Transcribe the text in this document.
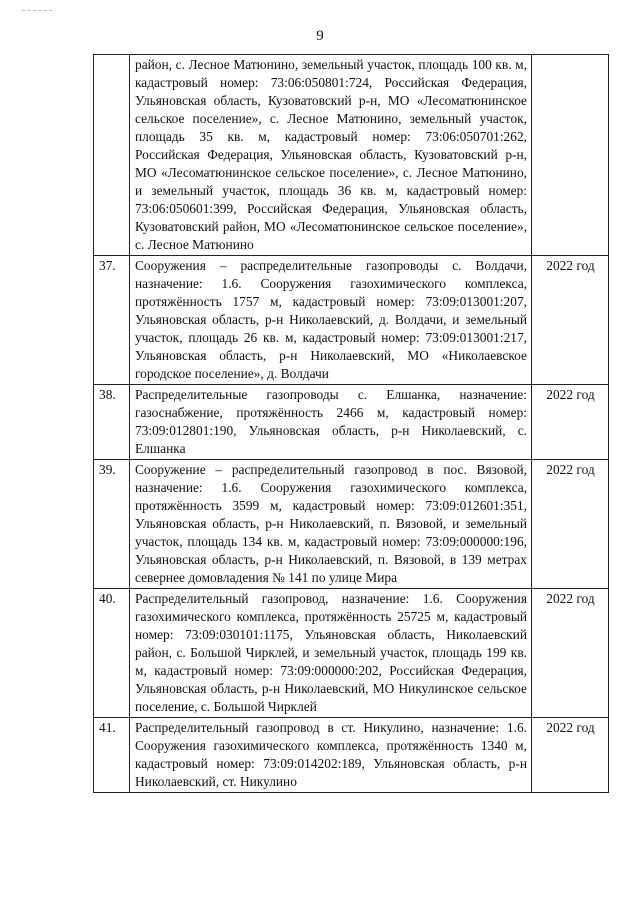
9
	район, с. Лесное Матюнино, земельный участок, площадь 100 кв. м, кадастровый номер: 73:06:050801:724, Российская Федерация, Ульяновская область, Кузоватовский р-н, МО «Лесоматюнинское сельское поселение», с. Лесное Матюнино, земельный участок, площадь 35 кв. м, кадастровый номер: 73:06:050701:262, Российская Федерация, Ульяновская область, Кузоватовский р-н, МО «Лесоматюнинское сельское поселение», с. Лесное Матюнино, и земельный участок, площадь 36 кв. м, кадастровый номер: 73:06:050601:399, Российская Федерация, Ульяновская область, Кузоватовский район, МО «Лесоматюнинское сельское поселение», с. Лесное Матюнино	
37.	Сооружения – распределительные газопроводы с. Волдачи, назначение: 1.6. Сооружения газохимического комплекса, протяжённость 1757 м, кадастровый номер: 73:09:013001:207, Ульяновская область, р-н Николаевский, д. Волдачи, и земельный участок, площадь 26 кв. м, кадастровый номер: 73:09:013001:217, Ульяновская область, р-н Николаевский, МО «Николаевское городское поселение», д. Волдачи	2022 год
38.	Распределительные газопроводы с. Елшанка, назначение: газоснабжение, протяжённость 2466 м, кадастровый номер: 73:09:012801:190, Ульяновская область, р-н Николаевский, с. Елшанка	2022 год
39.	Сооружение – распределительный газопровод в пос. Вязовой, назначение: 1.6. Сооружения газохимического комплекса, протяжённость 3599 м, кадастровый номер: 73:09:012601:351, Ульяновская область, р-н Николаевский, п. Вязовой, и земельный участок, площадь 134 кв. м, кадастровый номер: 73:09:000000:196, Ульяновская область, р-н Николаевский, п. Вязовой, в 139 метрах севернее домовладения № 141 по улице Мира	2022 год
40.	Распределительный газопровод, назначение: 1.6. Сооружения газохимического комплекса, протяжённость 25725 м, кадастровый номер: 73:09:030101:1175, Ульяновская область, Николаевский район, с. Большой Чирклей, и земельный участок, площадь 199 кв. м, кадастровый номер: 73:09:000000:202, Российская Федерация, Ульяновская область, р-н Николаевский, МО Никулинское сельское поселение, с. Большой Чирклей	2022 год
41.	Распределительный газопровод в ст. Никулино, назначение: 1.6. Сооружения газохимического комплекса, протяжённость 1340 м, кадастровый номер: 73:09:014202:189, Ульяновская область, р-н Николаевский, ст. Никулино	2022 год
